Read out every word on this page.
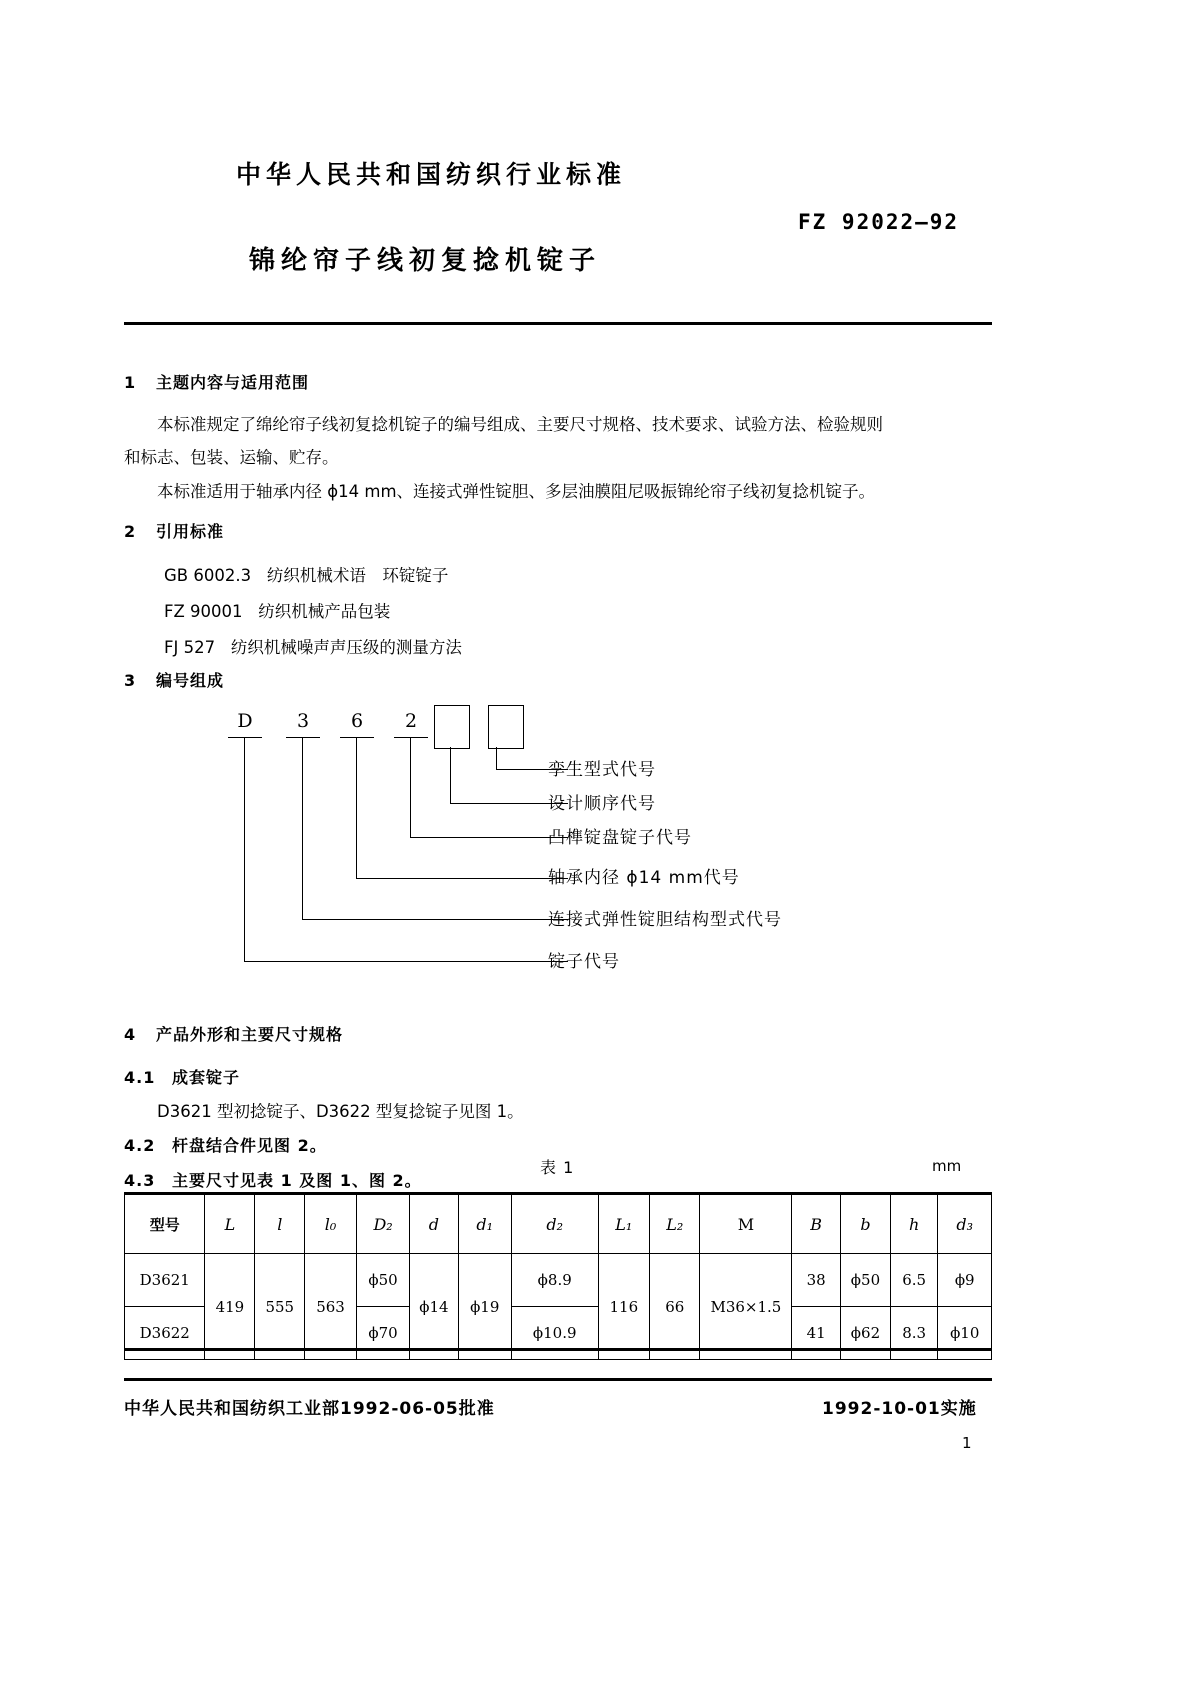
中华人民共和国纺织行业标准
FZ 92022—92
锦纶帘子线初复捻机锭子
1 主题内容与适用范围
本标准规定了绵纶帘子线初复捻机锭子的编号组成、主要尺寸规格、技术要求、试验方法、检验规则
和标志、包装、运输、贮存。
本标准适用于轴承内径 ϕ14 mm、连接式弹性锭胆、多层油膜阻尼吸振锦纶帘子线初复捻机锭子。
2 引用标准
GB 6002.3 纺织机械术语　环锭锭子
FZ 90001 纺织机械产品包装
FJ 527 纺织机械噪声声压级的测量方法
3 编号组成
D 3 6 2
孪生型式代号
设计顺序代号
凸榫锭盘锭子代号
轴承内径 ϕ14 mm代号
连接式弹性锭胆结构型式代号
锭子代号
4 产品外形和主要尺寸规格
4.1 成套锭子
D3621 型初捻锭子、D3622 型复捻锭子见图 1。
4.2 杆盘结合件见图 2。
4.3 主要尺寸见表 1 及图 1、图 2。
表 1	mm
型号	L	l	l₀	D₂	d	d₁	d₂	L₁	L₂	M	B	b	h	d₃
D3621	419	555	563	ϕ50	ϕ14	ϕ19	ϕ8.9	116	66	M36×1.5	38	ϕ50	6.5	ϕ9
D3622				ϕ70			ϕ10.9				41	ϕ62	8.3	ϕ10
中华人民共和国纺织工业部1992-06-05批准	1992-10-01实施
1
